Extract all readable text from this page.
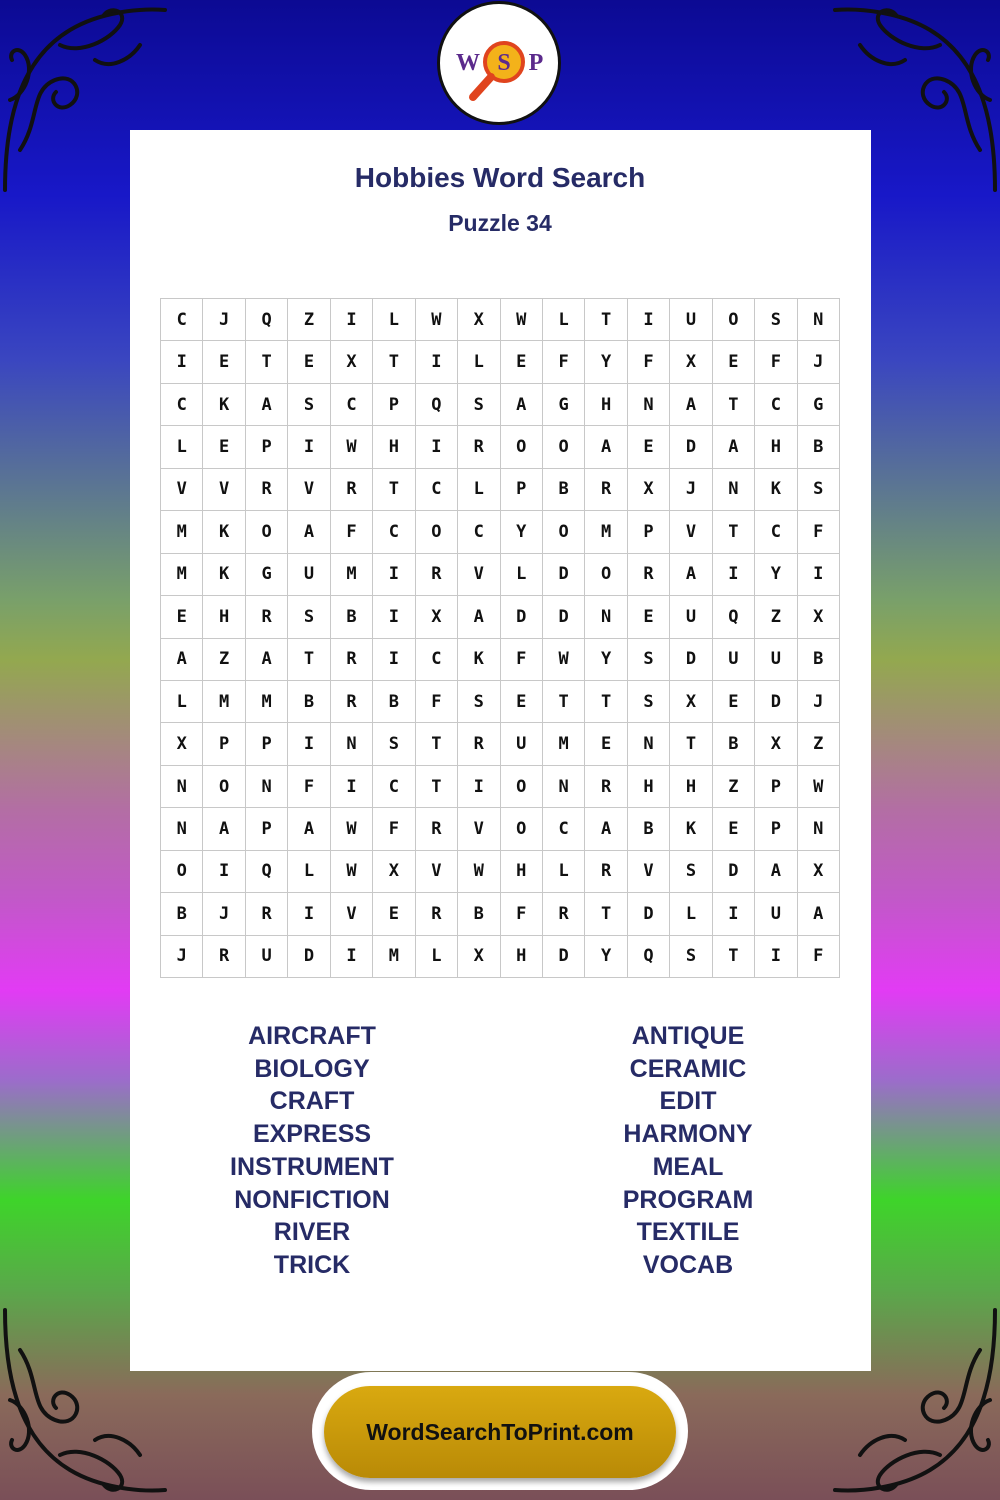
W S P
Hobbies Word Search
Puzzle 34
C	J	Q	Z	I	L	W	X	W	L	T	I	U	O	S	N
I	E	T	E	X	T	I	L	E	F	Y	F	X	E	F	J
C	K	A	S	C	P	Q	S	A	G	H	N	A	T	C	G
L	E	P	I	W	H	I	R	O	O	A	E	D	A	H	B
V	V	R	V	R	T	C	L	P	B	R	X	J	N	K	S
M	K	O	A	F	C	O	C	Y	O	M	P	V	T	C	F
M	K	G	U	M	I	R	V	L	D	O	R	A	I	Y	I
E	H	R	S	B	I	X	A	D	D	N	E	U	Q	Z	X
A	Z	A	T	R	I	C	K	F	W	Y	S	D	U	U	B
L	M	M	B	R	B	F	S	E	T	T	S	X	E	D	J
X	P	P	I	N	S	T	R	U	M	E	N	T	B	X	Z
N	O	N	F	I	C	T	I	O	N	R	H	H	Z	P	W
N	A	P	A	W	F	R	V	O	C	A	B	K	E	P	N
O	I	Q	L	W	X	V	W	H	L	R	V	S	D	A	X
B	J	R	I	V	E	R	B	F	R	T	D	L	I	U	A
J	R	U	D	I	M	L	X	H	D	Y	Q	S	T	I	F
AIRCRAFT
BIOLOGY
CRAFT
EXPRESS
INSTRUMENT
NONFICTION
RIVER
TRICK
ANTIQUE
CERAMIC
EDIT
HARMONY
MEAL
PROGRAM
TEXTILE
VOCAB
WordSearchToPrint.com
